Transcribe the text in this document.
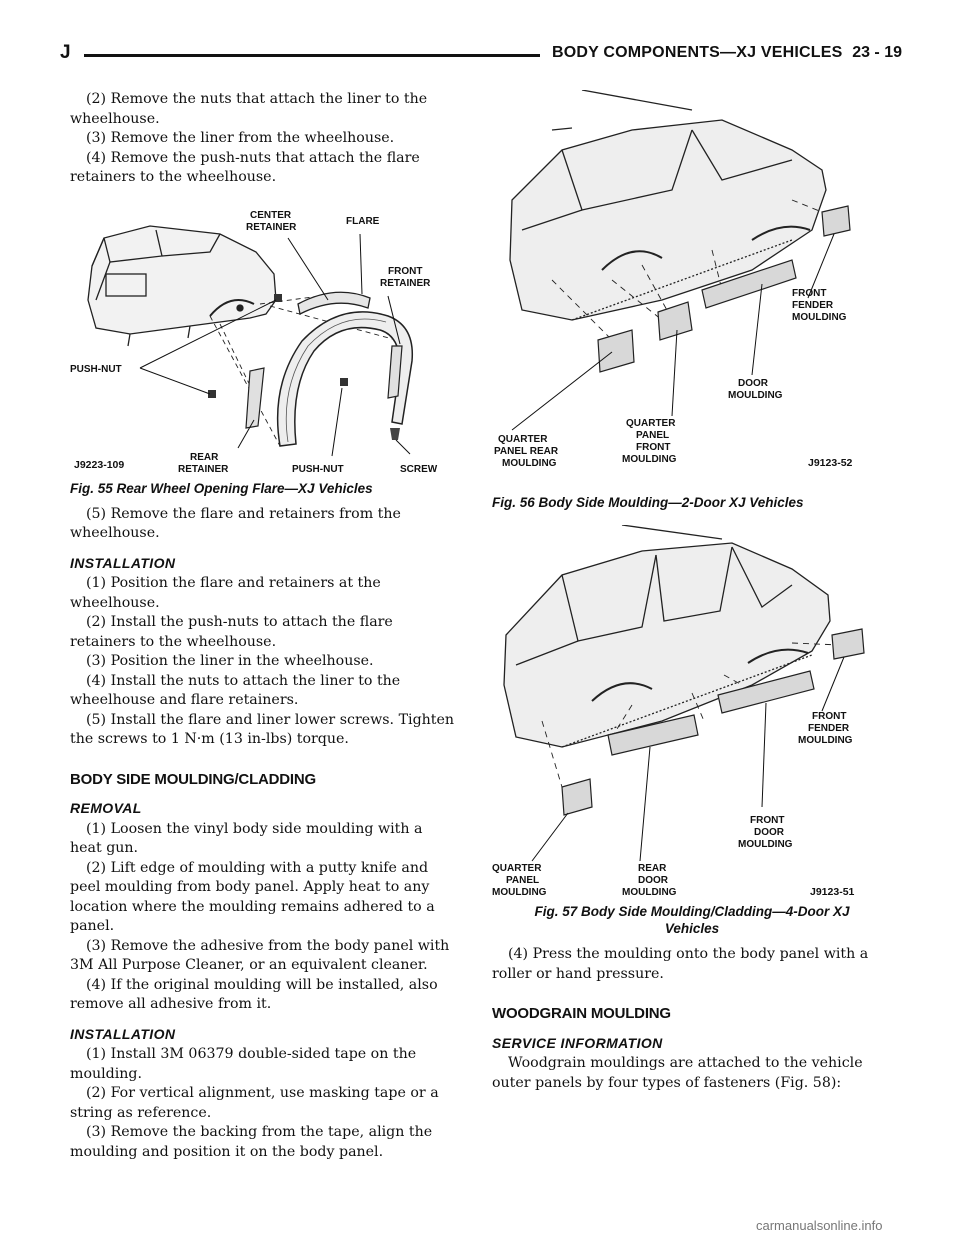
J	BODY COMPONENTS—XJ VEHICLES 23 - 19

(2) Remove the nuts that attach the liner to the wheelhouse.

(3) Remove the liner from the wheelhouse.

(4) Remove the push-nuts that attach the flare retainers to the wheelhouse.

CENTER
RETAINER
FLARE
FRONT
RETAINER
PUSH-NUT
REAR
RETAINER	PUSH-NUT	SCREW
J9223-109
Fig. 55 Rear Wheel Opening Flare—XJ Vehicles

(5) Remove the flare and retainers from the wheelhouse.

INSTALLATION

(1) Position the flare and retainers at the wheelhouse.

(2) Install the push-nuts to attach the flare retainers to the wheelhouse.

(3) Position the liner in the wheelhouse.

(4) Install the nuts to attach the liner to the wheelhouse and flare retainers.

(5) Install the flare and liner lower screws. Tighten the screws to 1 N·m (13 in-lbs) torque.

BODY SIDE MOULDING/CLADDING
REMOVAL

(1) Loosen the vinyl body side moulding with a heat gun.

(2) Lift edge of moulding with a putty knife and peel moulding from body panel. Apply heat to any location where the moulding remains adhered to a panel.

(3) Remove the adhesive from the body panel with 3M All Purpose Cleaner, or an equivalent cleaner.

(4) If the original moulding will be installed, also remove all adhesive from it.

INSTALLATION

(1) Install 3M 06379 double-sided tape on the moulding.

(2) For vertical alignment, use masking tape or a string as reference.

(3) Remove the backing from the tape, align the moulding and position it on the body panel.

FRONT
FENDER
MOULDING
DOOR
MOULDING
QUARTER
PANEL REAR
MOULDING
QUARTER
PANEL
FRONT
MOULDING	J9123-52
Fig. 56 Body Side Moulding—2-Door XJ Vehicles
FRONT
FENDER
MOULDING
FRONT
DOOR
MOULDING
QUARTER
PANEL
MOULDING
REAR
DOOR
MOULDING	J9123-51
Fig. 57 Body Side Moulding/Cladding—4-Door XJ
Vehicles

(4) Press the moulding onto the body panel with a roller or hand pressure.

WOODGRAIN MOULDING
SERVICE INFORMATION

Woodgrain mouldings are attached to the vehicle outer panels by four types of fasteners (Fig. 58):

carmanualsonline.info
